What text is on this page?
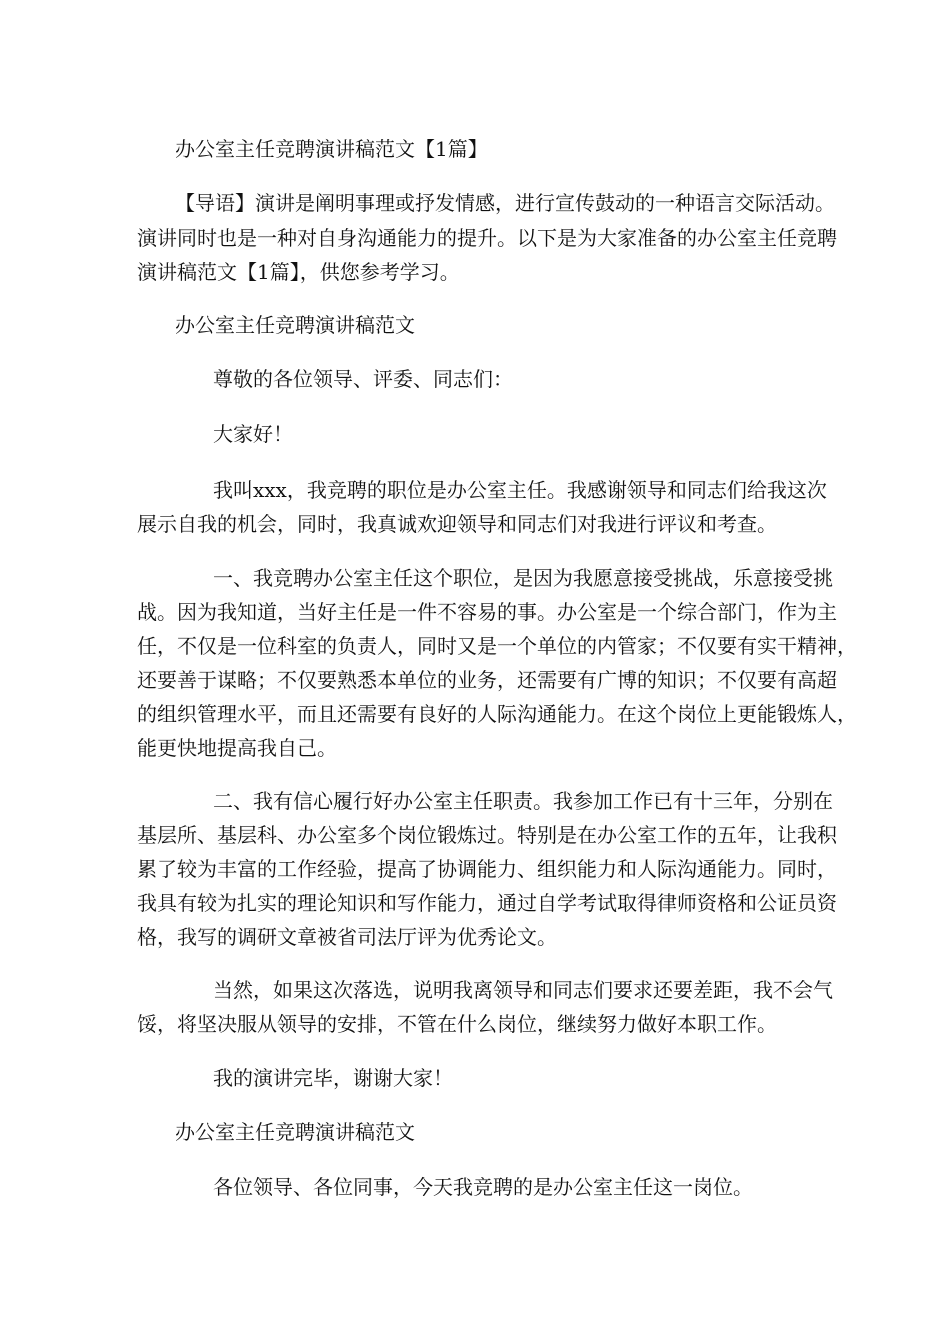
办公室主任竞聘演讲稿范文【1篇】
【导语】演讲是阐明事理或抒发情感，进行宣传鼓动的一种语言交际活动。
演讲同时也是一种对自身沟通能力的提升。以下是为大家准备的办公室主任竞聘
演讲稿范文【1篇】，供您参考学习。
办公室主任竞聘演讲稿范文
尊敬的各位领导、评委、同志们：
大家好！
我叫xxx，我竞聘的职位是办公室主任。我感谢领导和同志们给我这次
展示自我的机会，同时，我真诚欢迎领导和同志们对我进行评议和考查。
一、我竞聘办公室主任这个职位，是因为我愿意接受挑战，乐意接受挑
战。因为我知道，当好主任是一件不容易的事。办公室是一个综合部门，作为主
任，不仅是一位科室的负责人，同时又是一个单位的内管家；不仅要有实干精神，
还要善于谋略；不仅要熟悉本单位的业务，还需要有广博的知识；不仅要有高超
的组织管理水平，而且还需要有良好的人际沟通能力。在这个岗位上更能锻炼人，
能更快地提高我自己。
二、我有信心履行好办公室主任职责。我参加工作已有十三年，分别在
基层所、基层科、办公室多个岗位锻炼过。特别是在办公室工作的五年，让我积
累了较为丰富的工作经验，提高了协调能力、组织能力和人际沟通能力。同时，
我具有较为扎实的理论知识和写作能力，通过自学考试取得律师资格和公证员资
格，我写的调研文章被省司法厅评为优秀论文。
当然，如果这次落选，说明我离领导和同志们要求还要差距，我不会气
馁，将坚决服从领导的安排，不管在什么岗位，继续努力做好本职工作。
我的演讲完毕，谢谢大家！
办公室主任竞聘演讲稿范文
各位领导、各位同事，今天我竞聘的是办公室主任这一岗位。
